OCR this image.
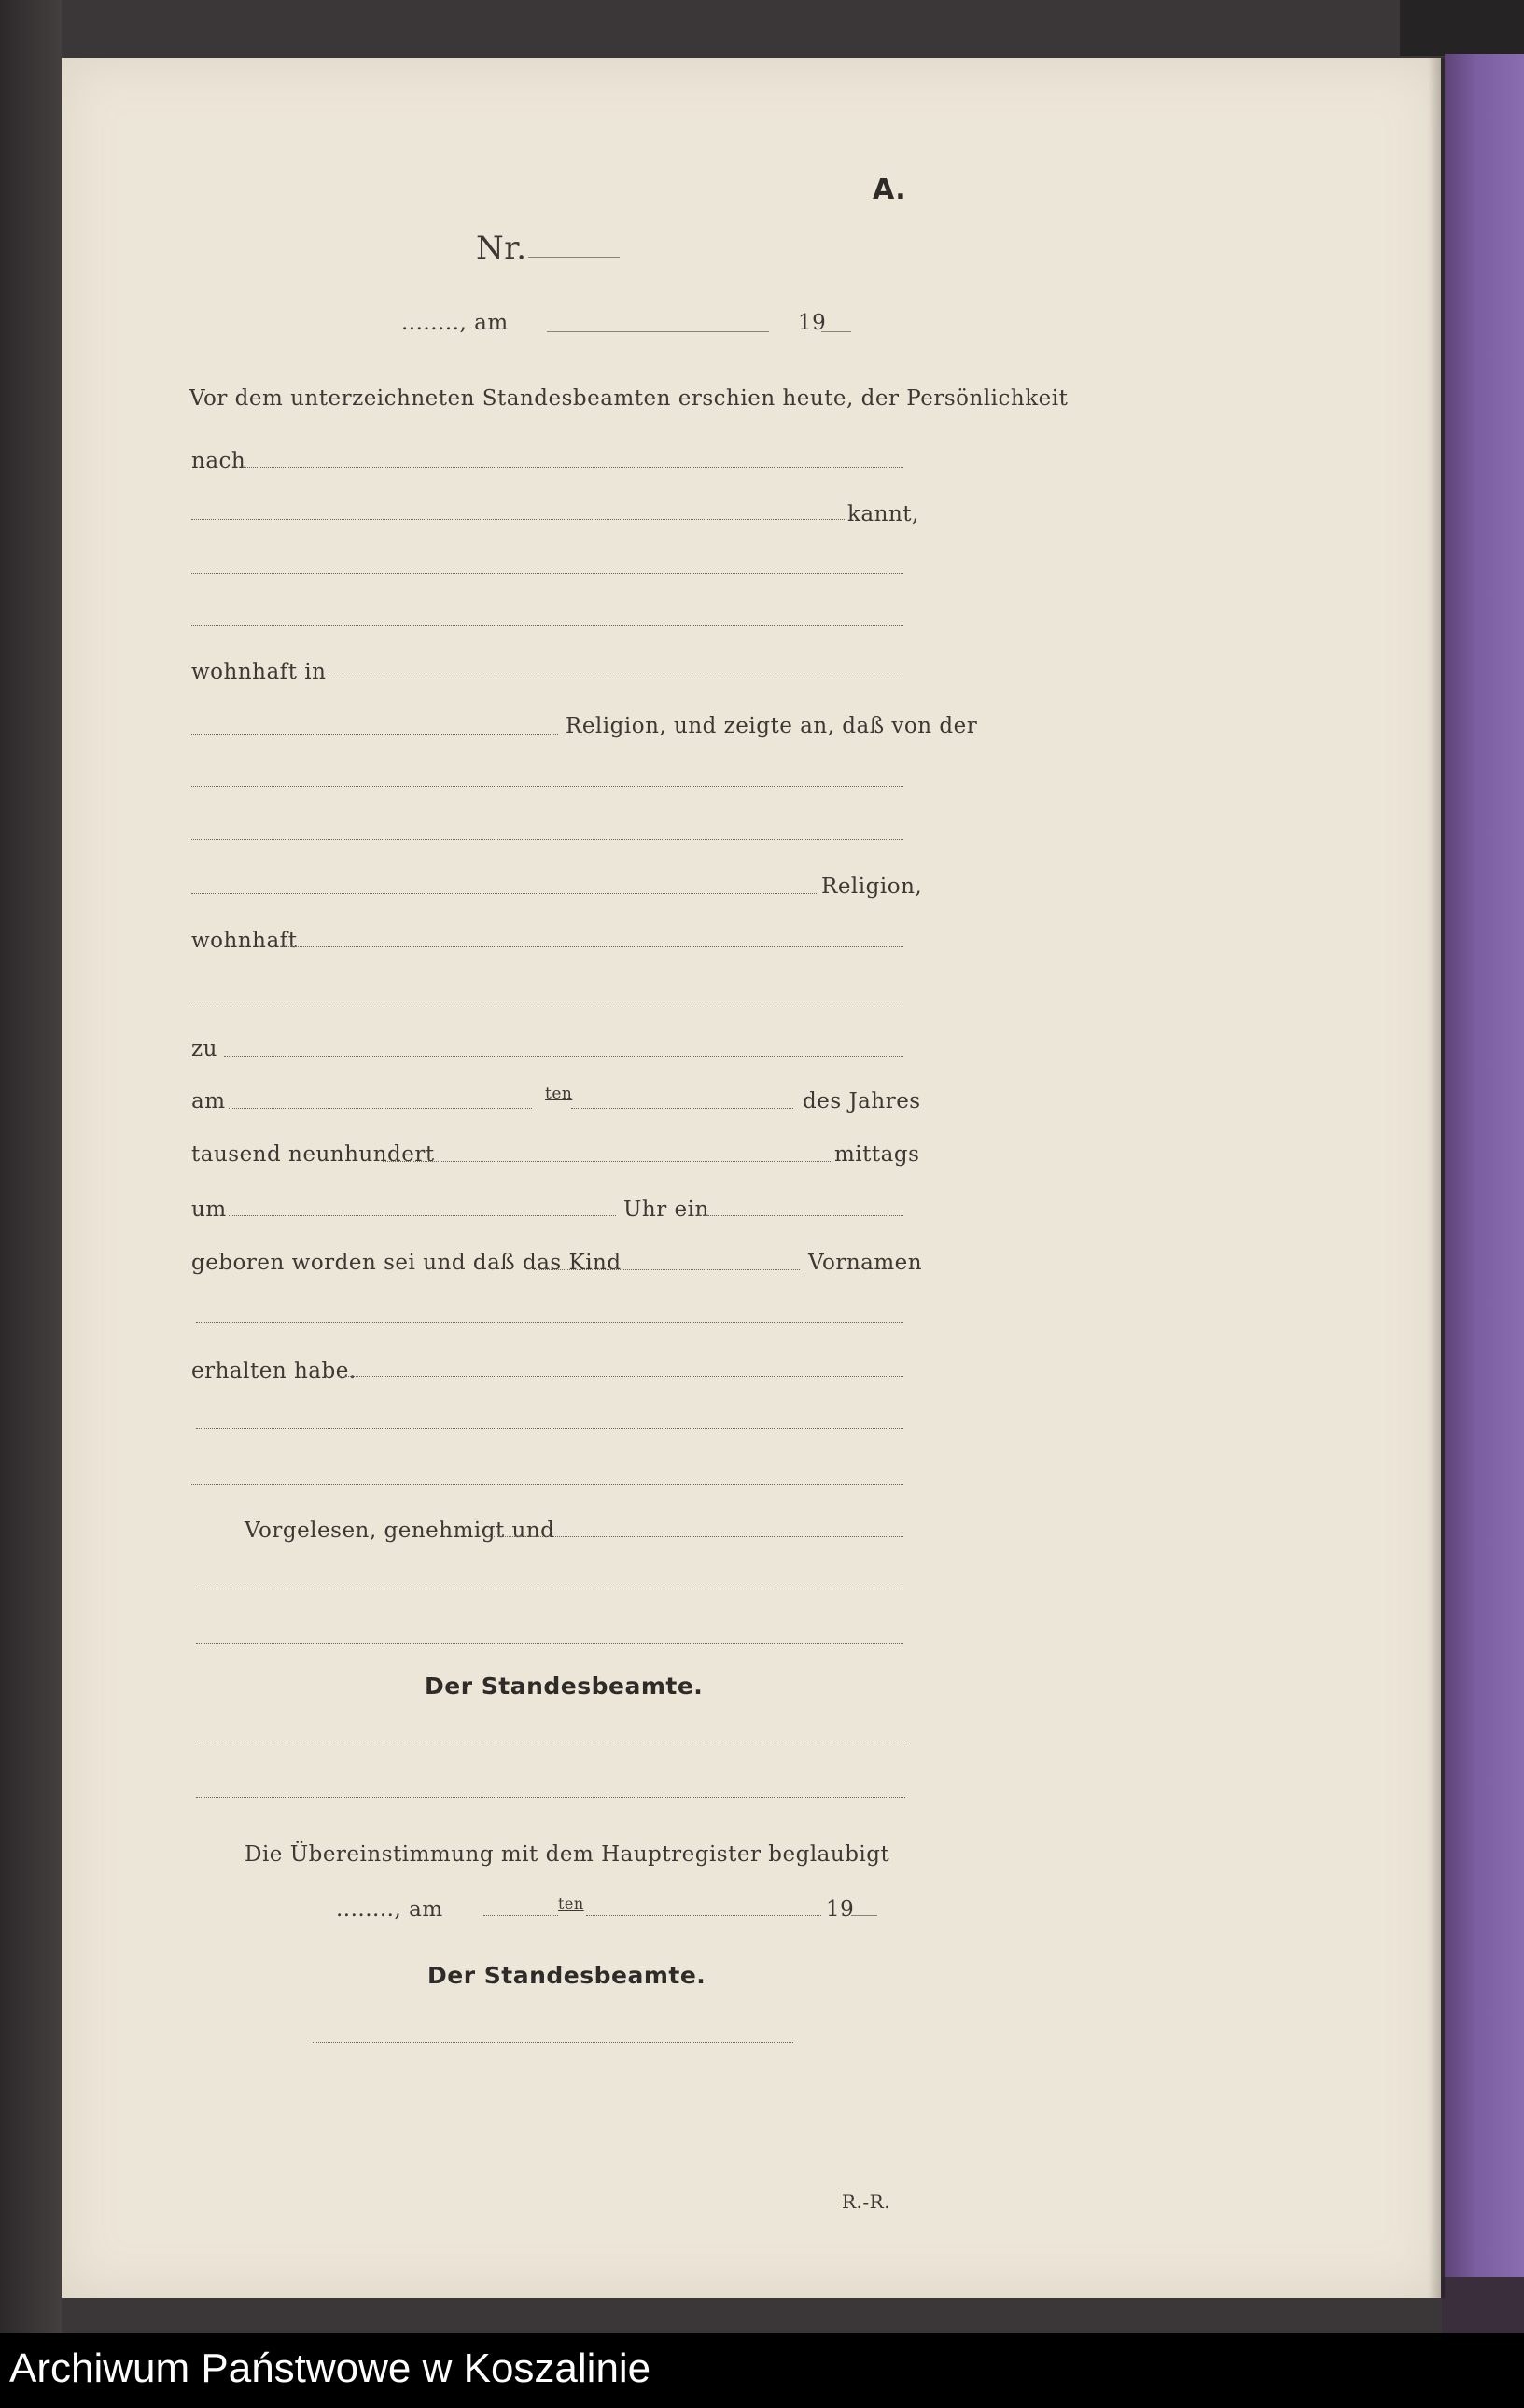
A.
Nr.
........, am	19
Vor dem unterzeichneten Standesbeamten erschien heute, der Persönlichkeit
nach
kannt,
wohnhaft in
Religion, und zeigte an, daß von der
Religion,
wohnhaft
zu
am	ten	des Jahres
tausend neunhundert	mittags
um	Uhr ein
geboren worden sei und daß das Kind	Vornamen
erhalten habe.
Vorgelesen, genehmigt und
Der Standesbeamte.
Die Übereinstimmung mit dem Hauptregister beglaubigt
........, am	ten	19
Der Standesbeamte.
R.-R.
Archiwum Państwowe w Koszalinie
